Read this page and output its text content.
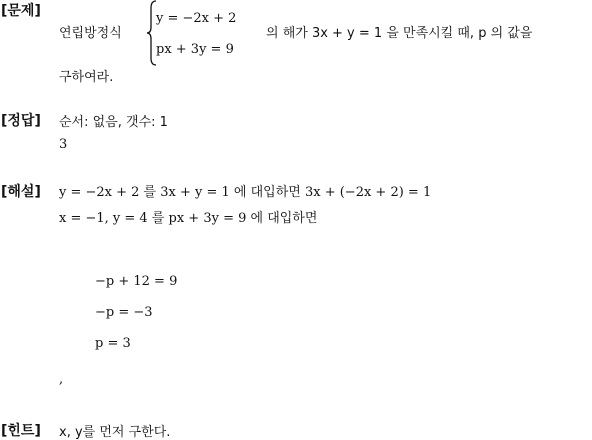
[문제]
연립방정식
y = −2x + 2
px + 3y = 9
의 해가 3x + y = 1 을 만족시킬 때, p 의 값을
구하여라.
[정답] 순서: 없음, 갯수: 1
3
[해설] y = −2x + 2 를 3x + y = 1 에 대입하면 3x + (−2x + 2) = 1
x = −1, y = 4 를 px + 3y = 9 에 대입하면
−p + 12 = 9
−p = −3
p = 3
,
[힌트] x, y를 먼저 구한다.
